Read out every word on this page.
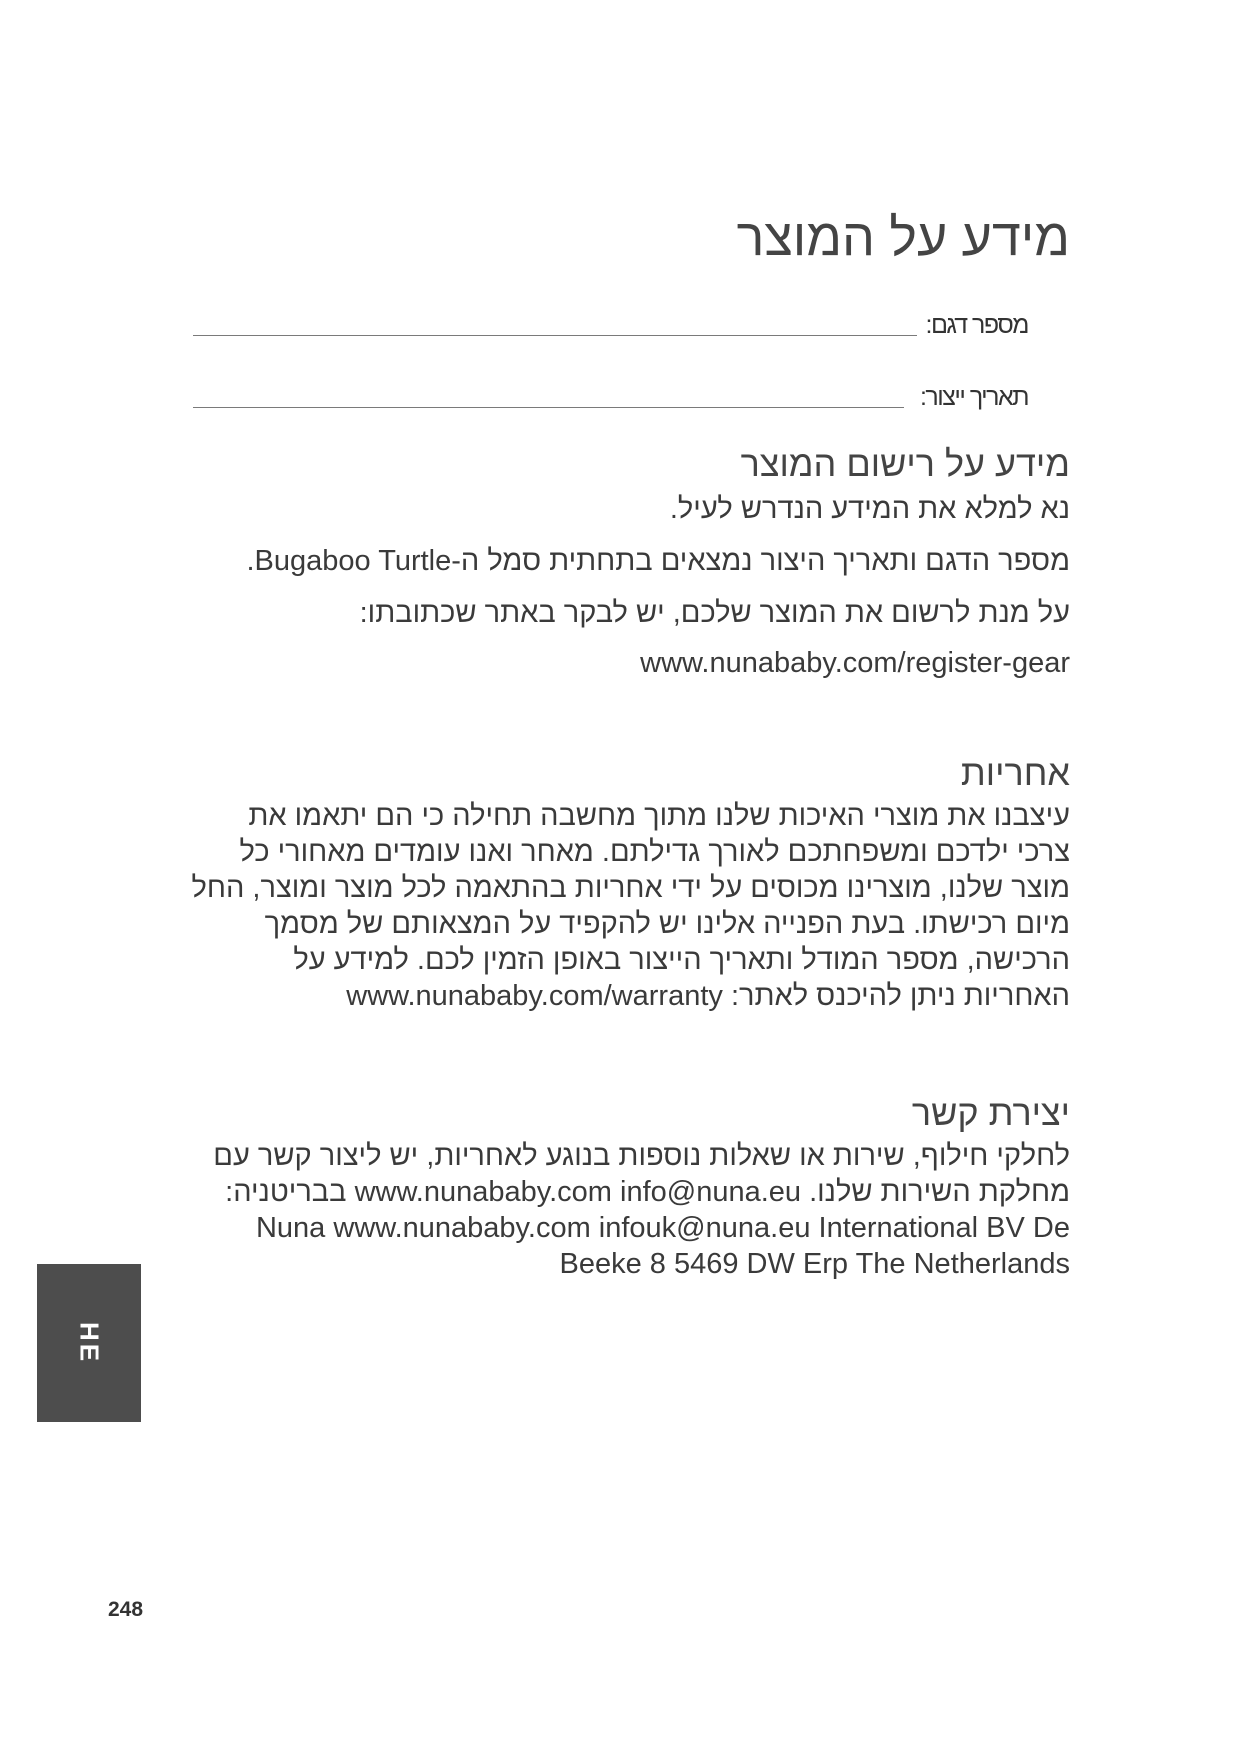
מידע על המוצר
מספר דגם:
תאריך ייצור:
מידע על רישום המוצר

נא למלא את המידע הנדרש לעיל.

מספר הדגם ותאריך היצור נמצאים בתחתית סמל ה-Bugaboo Turtle.

על מנת לרשום את המוצר שלכם, יש לבקר באתר שכתובתו:

www.nunababy.com/register-gear

אחריות

עיצבנו את מוצרי האיכות שלנו מתוך מחשבה תחילה כי הם יתאמו את צרכי ילדכם ומשפחתכם לאורך גדילתם. מאחר ואנו עומדים מאחורי כל מוצר שלנו, מוצרינו מכוסים על ידי אחריות בהתאמה לכל מוצר ומוצר, החל מיום רכישתו. בעת הפנייה אלינו יש להקפיד על המצאותם של מסמך הרכישה, מספר המודל ותאריך הייצור באופן הזמין לכם. למידע על האחריות ניתן להיכנס לאתר: www.nunababy.com/warranty

יצירת קשר

לחלקי חילוף, שירות או שאלות נוספות בנוגע לאחריות, יש ליצור קשר עם מחלקת השירות שלנו. www.nunababy.com info@nuna.eu בבריטניה: Nuna www.nunababy.com infouk@nuna.eu International BV De Beeke 8 5469 DW Erp The Netherlands

HE
248
